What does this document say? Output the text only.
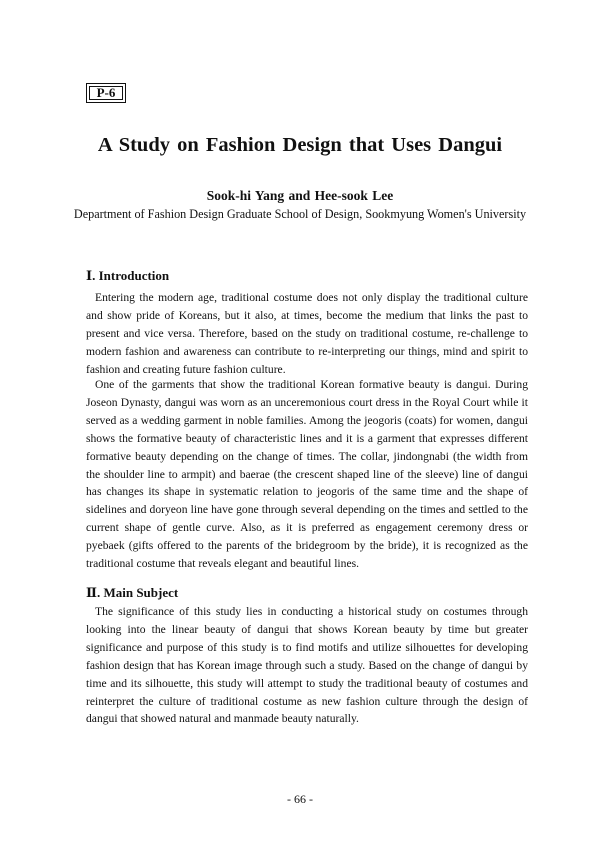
P-6
A Study on Fashion Design that Uses Dangui
Sook-hi Yang and Hee-sook Lee
Department of Fashion Design Graduate School of Design, Sookmyung Women's University
Ⅰ. Introduction

Entering the modern age, traditional costume does not only display the traditional culture and show pride of Koreans, but it also, at times, become the medium that links the past to present and vice versa. Therefore, based on the study on traditional costume, re-challenge to modern fashion and awareness can contribute to re-interpreting our things, mind and spirit to fashion and creating future fashion culture.

One of the garments that show the traditional Korean formative beauty is dangui. During Joseon Dynasty, dangui was worn as an unceremonious court dress in the Royal Court while it served as a wedding garment in noble families. Among the jeogoris (coats) for women, dangui shows the formative beauty of characteristic lines and it is a garment that expresses different formative beauty depending on the change of times. The collar, jindongnabi (the width from the shoulder line to armpit) and baerae (the crescent shaped line of the sleeve) line of dangui has changes its shape in systematic relation to jeogoris of the same time and the shape of sidelines and doryeon line have gone through several depending on the times and settled to the current shape of gentle curve. Also, as it is preferred as engagement ceremony dress or pyebaek (gifts offered to the parents of the bridegroom by the bride), it is recognized as the traditional costume that reveals elegant and beautiful lines.

Ⅱ. Main Subject

The significance of this study lies in conducting a historical study on costumes through looking into the linear beauty of dangui that shows Korean beauty by time but greater significance and purpose of this study is to find motifs and utilize silhouettes for developing fashion design that has Korean image through such a study. Based on the change of dangui by time and its silhouette, this study will attempt to study the traditional beauty of costumes and reinterpret the culture of traditional costume as new fashion culture through the design of dangui that showed natural and manmade beauty naturally.

- 66 -
